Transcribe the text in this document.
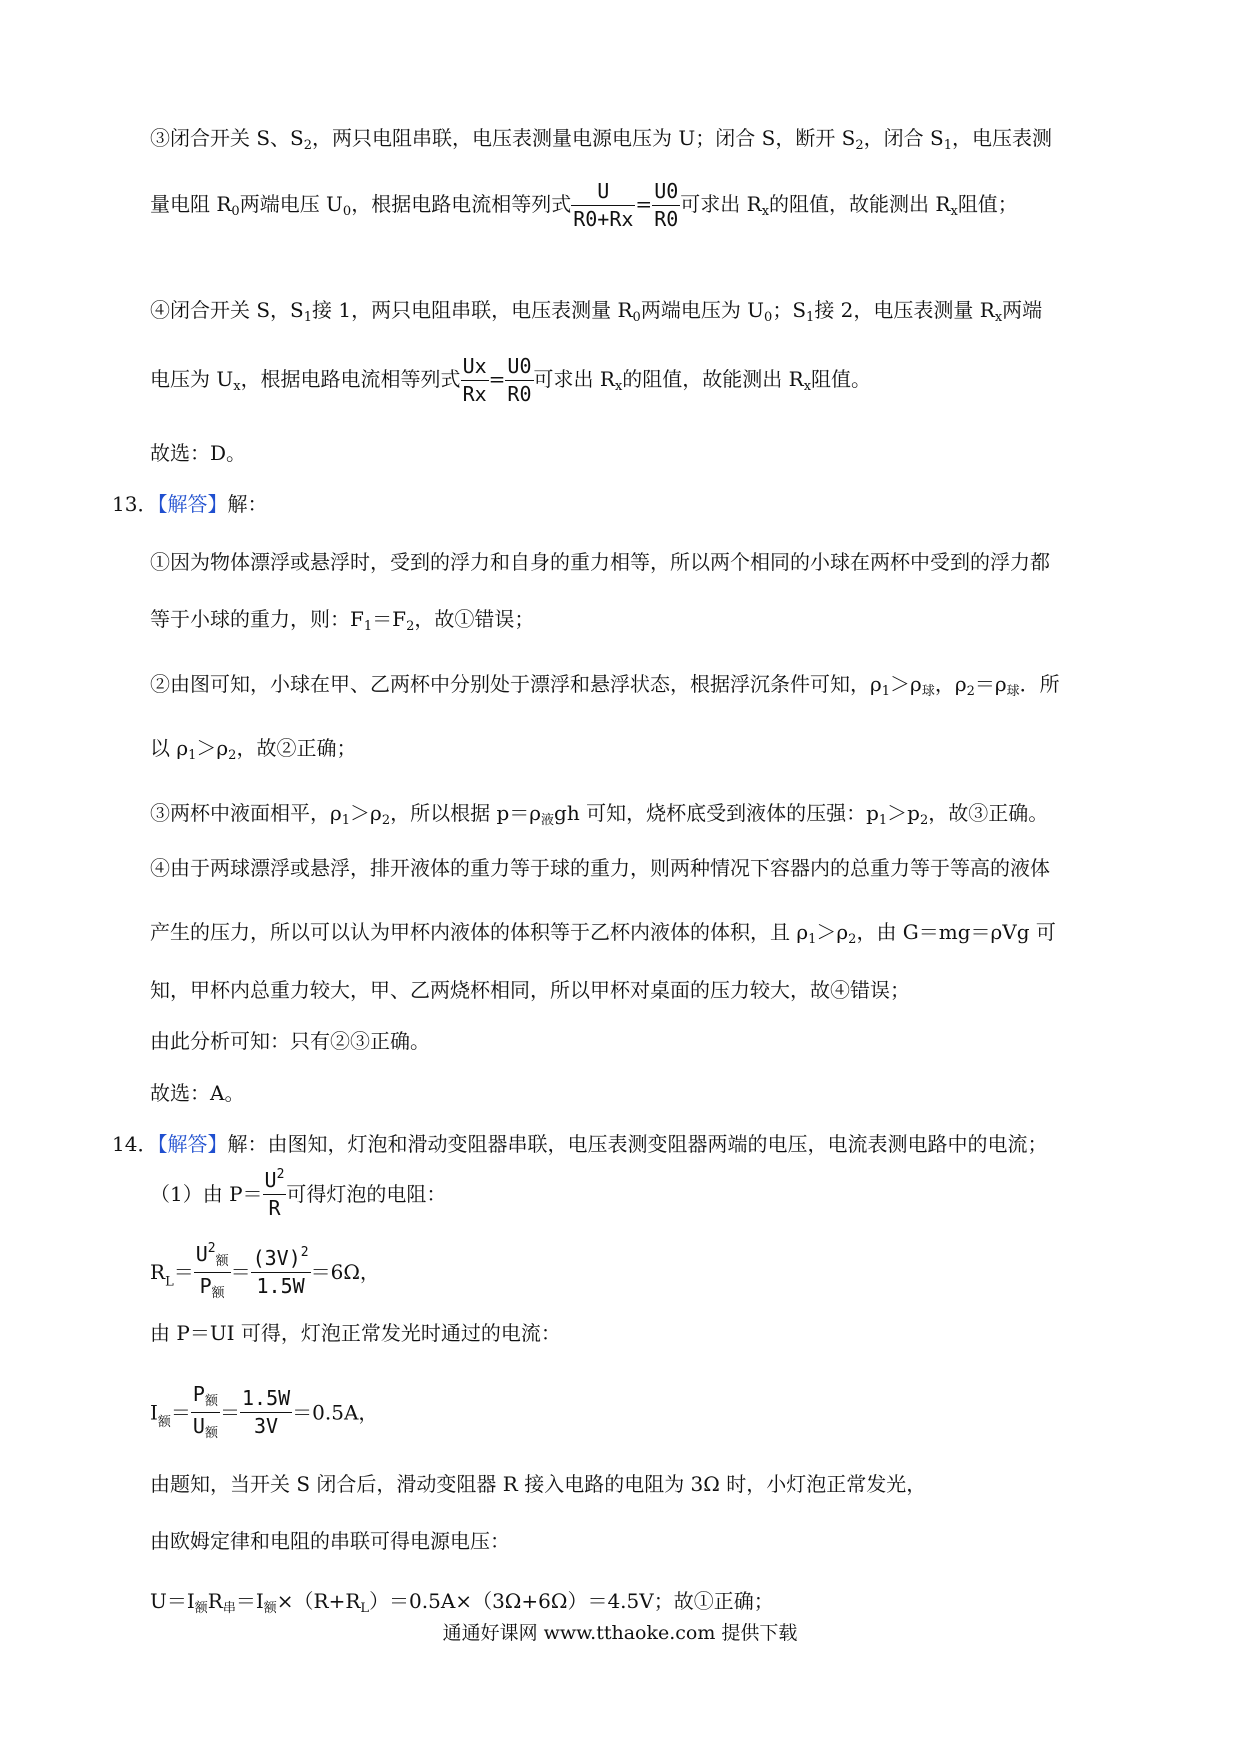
③闭合开关 S、$S_2$，两只电阻串联，电压表测量电源电压为 U；闭合 S，断开 $S_2$，闭合 $S_1$，电压表测
量电阻 $R_0$两端电压 $U_0$，根据电路电流相等列式 $\frac{U}{R0+Rx} = \frac{U0}{R0}$ 可求出 $R_x$的阻值，故能测出 $R_x$阻值；
④闭合开关 S，$S_1$接 1，两只电阻串联，电压表测量 $R_0$两端电压为 $U_0$；$S_1$接 2，电压表测量 $R_x$两端
电压为 $U_x$，根据电路电流相等列式 $\frac{Ux}{Rx} = \frac{U0}{R0}$ 可求出 $R_x$的阻值，故能测出 $R_x$阻值。
故选：D。
13．【解答】解：
①因为物体漂浮或悬浮时，受到的浮力和自身的重力相等，所以两个相同的小球在两杯中受到的浮力都
等于小球的重力，则：$F_1=F_2$，故①错误；
②由图可知，小球在甲、乙两杯中分别处于漂浮和悬浮状态，根据浮沉条件可知，$\rho_1>\rho_球$，$\rho_2=\rho_球$．所
以 $\rho_1>\rho_2$，故②正确；
③两杯中液面相平，$\rho_1>\rho_2$，所以根据 $p=\rho_液gh$ 可知，烧杯底受到液体的压强：$p_1>p_2$，故③正确。
④由于两球漂浮或悬浮，排开液体的重力等于球的重力，则两种情况下容器内的总重力等于等高的液体
产生的压力，所以可以认为甲杯内液体的体积等于乙杯内液体的体积，且 $\rho_1>\rho_2$，由 G＝mg＝ρVg 可
知，甲杯内总重力较大，甲、乙两烧杯相同，所以甲杯对桌面的压力较大，故④错误；
由此分析可知：只有②③正确。
故选：A。
14．【解答】解：由图知，灯泡和滑动变阻器串联，电压表测变阻器两端的电压，电流表测电路中的电流；
（1）由 $P= \frac{U^2}{R}$ 可得灯泡的电阻：
$R_L= \frac{U^2_额}{P_额} = \frac{(3V)^2}{1.5W} =6\Omega$，
由 P＝UI 可得，灯泡正常发光时通过的电流：
$I_额= \frac{P_额}{U_额} = \frac{1.5W}{3V} =0.5A$，
由题知，当开关 S 闭合后，滑动变阻器 R 接入电路的电阻为 3Ω 时，小灯泡正常发光，
由欧姆定律和电阻的串联可得电源电压：
$U=I_额R_串=I_额\times(R+R_L)=0.5A\times(3\Omega+6\Omega)=4.5V$；故①正确；
通通好课网 www.tthaoke.com 提供下载
